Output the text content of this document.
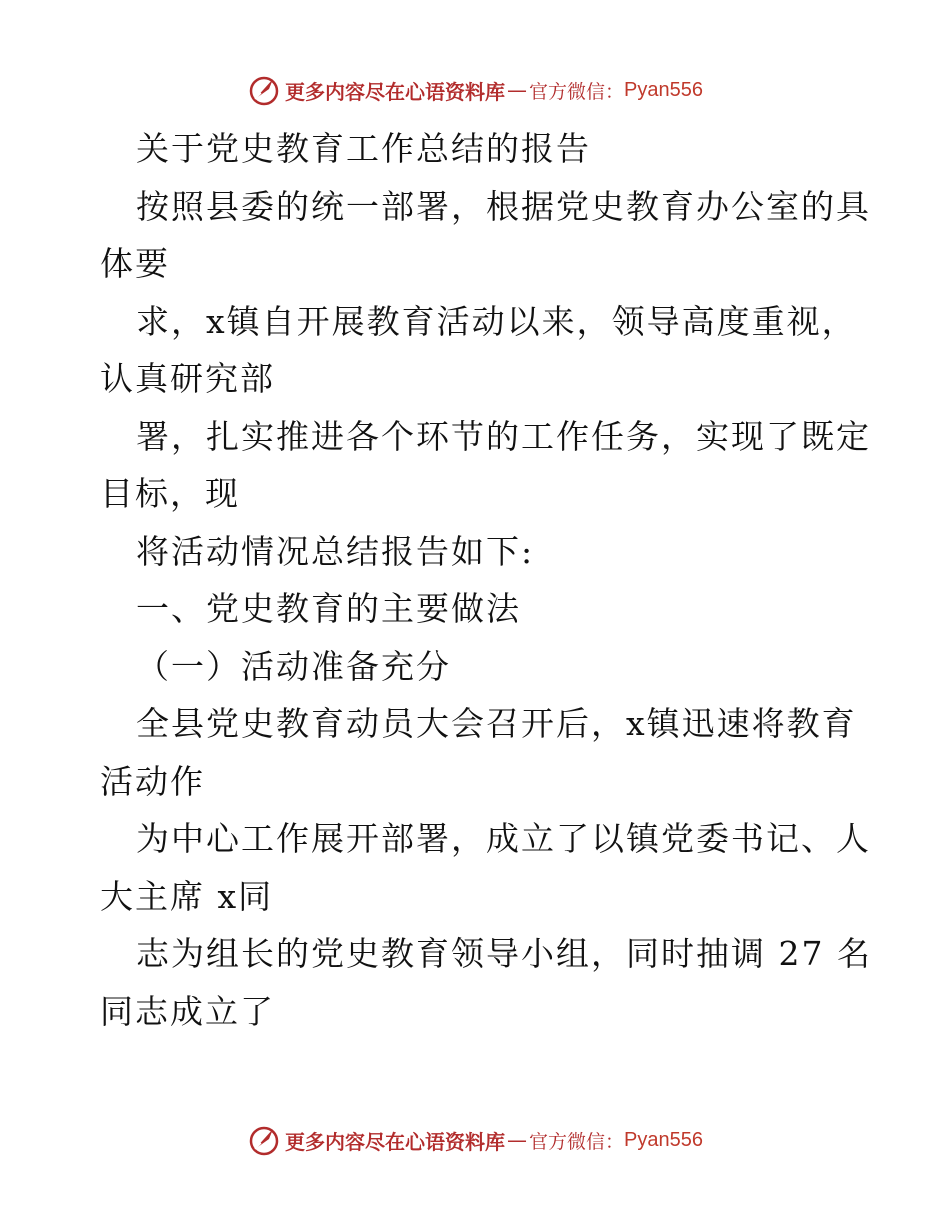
更多内容尽在心语资料库 — 官方微信： Pyan556
关于党史教育工作总结的报告
按照县委的统一部署，根据党史教育办公室的具
体要
求，x镇自开展教育活动以来，领导高度重视，
认真研究部
署，扎实推进各个环节的工作任务，实现了既定
目标，现
将活动情况总结报告如下:
一、党史教育的主要做法
（一）活动准备充分
全县党史教育动员大会召开后，x镇迅速将教育
活动作
为中心工作展开部署，成立了以镇党委书记、人
大主席 x同
志为组长的党史教育领导小组，同时抽调 27 名
同志成立了
更多内容尽在心语资料库 — 官方微信： Pyan556
